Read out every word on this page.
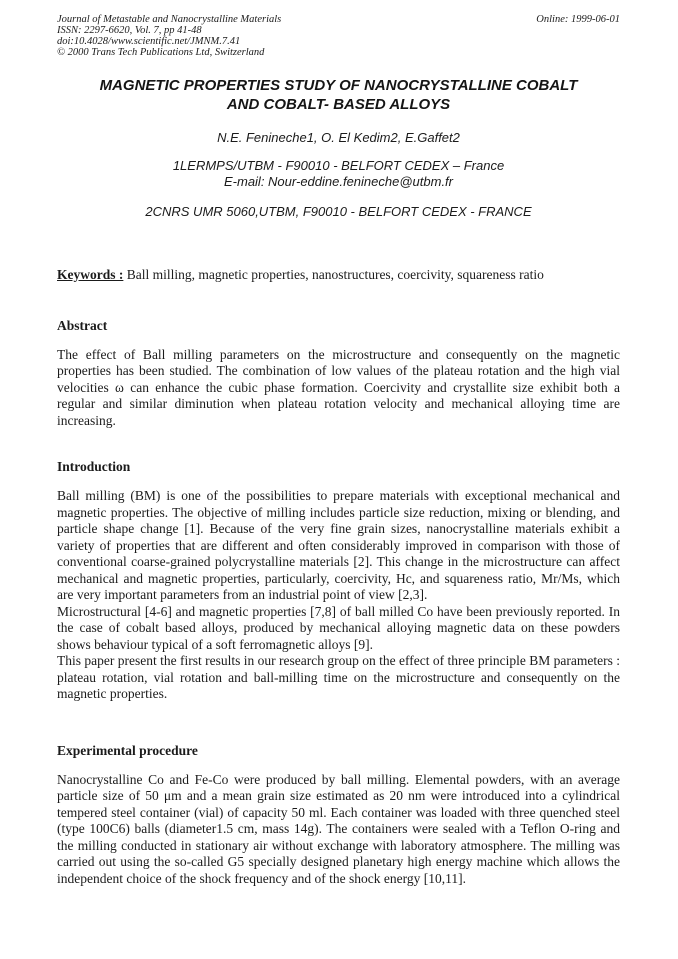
Journal of Metastable and Nanocrystalline Materials	Online: 1999-06-01
ISSN: 2297-6620, Vol. 7, pp 41-48
doi:10.4028/www.scientific.net/JMNM.7.41
© 2000 Trans Tech Publications Ltd, Switzerland
MAGNETIC PROPERTIES STUDY OF NANOCRYSTALLINE COBALT
AND COBALT- BASED ALLOYS
N.E. Fenineche1, O. El Kedim2, E.Gaffet2
1LERMPS/UTBM - F90010 - BELFORT CEDEX – France
E-mail: Nour-eddine.fenineche@utbm.fr
2CNRS UMR 5060,UTBM, F90010 - BELFORT CEDEX - FRANCE
Keywords : Ball milling, magnetic properties, nanostructures, coercivity, squareness ratio
Abstract

The effect of Ball milling parameters on the microstructure and consequently on the magnetic properties has been studied. The combination of low values of the plateau rotation and the high vial velocities ω can enhance the cubic phase formation. Coercivity and crystallite size exhibit both a regular and similar diminution when plateau rotation velocity and mechanical alloying time are increasing.

Introduction

Ball milling (BM) is one of the possibilities to prepare materials with exceptional mechanical and magnetic properties. The objective of milling includes particle size reduction, mixing or blending, and particle shape change [1]. Because of the very fine grain sizes, nanocrystalline materials exhibit a variety of properties that are different and often considerably improved in comparison with those of conventional coarse-grained polycrystalline materials [2]. This change in the microstructure can affect mechanical and magnetic properties, particularly, coercivity, Hc, and squareness ratio, Mr/Ms, which are very important parameters from an industrial point of view [2,3].

Microstructural [4-6] and magnetic properties [7,8] of ball milled Co have been previously reported. In the case of cobalt based alloys, produced by mechanical alloying magnetic data on these powders shows behaviour typical of a soft ferromagnetic alloys [9].

This paper present the first results in our research group on the effect of three principle BM parameters : plateau rotation, vial rotation and ball-milling time on the microstructure and consequently on the magnetic properties.

Experimental procedure

Nanocrystalline Co and Fe-Co were produced by ball milling. Elemental powders, with an average particle size of 50 μm and a mean grain size estimated as 20 nm were introduced into a cylindrical tempered steel container (vial) of capacity 50 ml. Each container was loaded with three quenched steel (type 100C6) balls (diameter1.5 cm, mass 14g). The containers were sealed with a Teflon O-ring and the milling conducted in stationary air without exchange with laboratory atmosphere. The milling was carried out using the so-called G5 specially designed planetary high energy machine which allows the independent choice of the shock frequency and of the shock energy [10,11].
